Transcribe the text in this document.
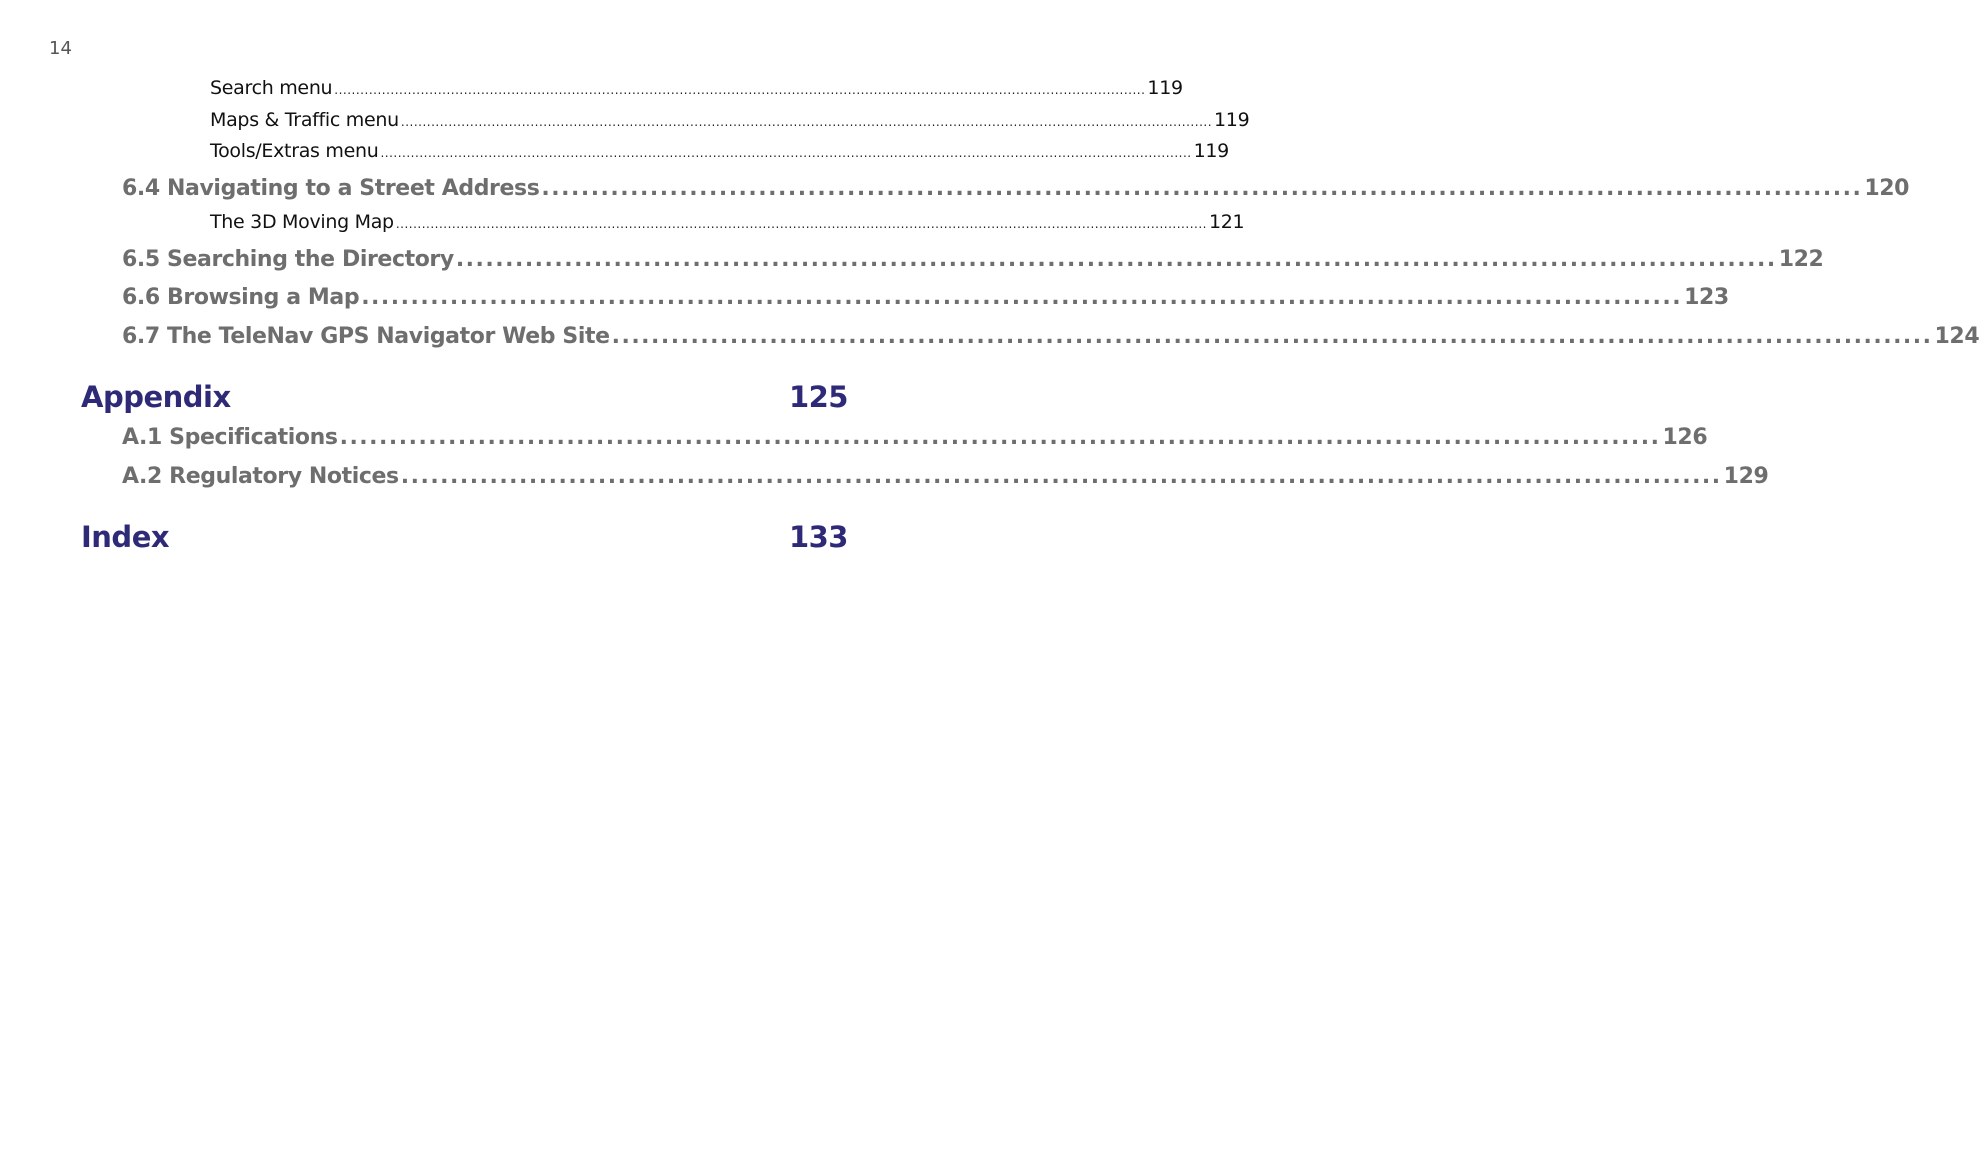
14
Search menu ............................................................................................................................................................................................ 119
Maps & Traffic menu ............................................................................................................................................................................................ 119
Tools/Extras menu ............................................................................................................................................................................................ 119
6.4 Navigating to a Street Address ...................................................................................................................................... 120
The 3D Moving Map ............................................................................................................................................................................................ 121
6.5 Searching the Directory ...................................................................................................................................... 122
6.6 Browsing a Map ...................................................................................................................................... 123
6.7 The TeleNav GPS Navigator Web Site ...................................................................................................................................... 124
Appendix	125
A.1 Specifications ...................................................................................................................................... 126
A.2 Regulatory Notices ...................................................................................................................................... 129
Index	133
